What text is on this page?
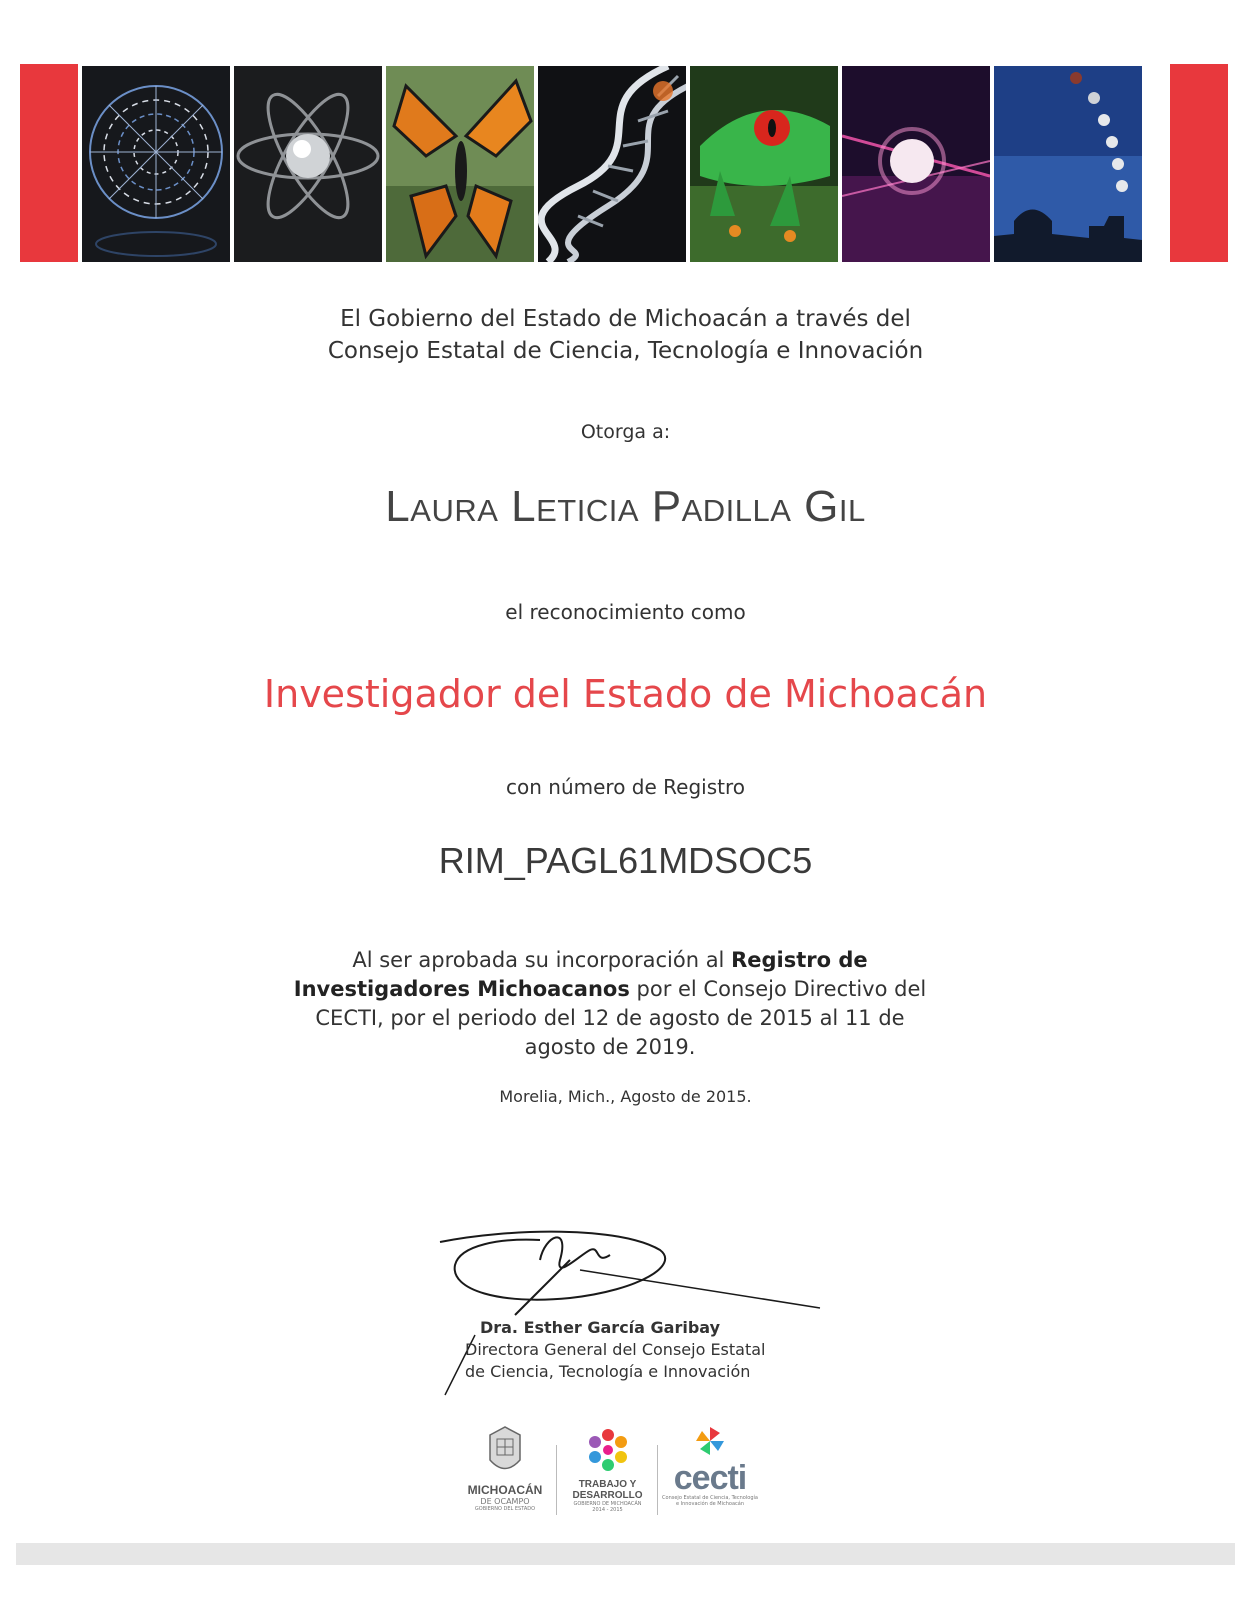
El Gobierno del Estado de Michoacán a través del
Consejo Estatal de Ciencia, Tecnología e Innovación
Otorga a:
Laura Leticia Padilla Gil
el reconocimiento como
Investigador del Estado de Michoacán
con número de Registro
RIM_PAGL61MDSOC5
Al ser aprobada su incorporación al Registro de Investigadores Michoacanos por el Consejo Directivo del CECTI, por el periodo del 12 de agosto de 2015 al 11 de agosto de 2019.
Morelia, Mich., Agosto de 2015.
Dra. Esther García Garibay
Directora General del Consejo Estatal
de Ciencia, Tecnología e Innovación
MICHOACÁN
DE OCAMPO
GOBIERNO DEL ESTADO
TRABAJO Y
DESARROLLO
GOBIERNO DE MICHOACÁN
2014 - 2015
cecti
Consejo Estatal de Ciencia, Tecnología
e Innovación de Michoacán
